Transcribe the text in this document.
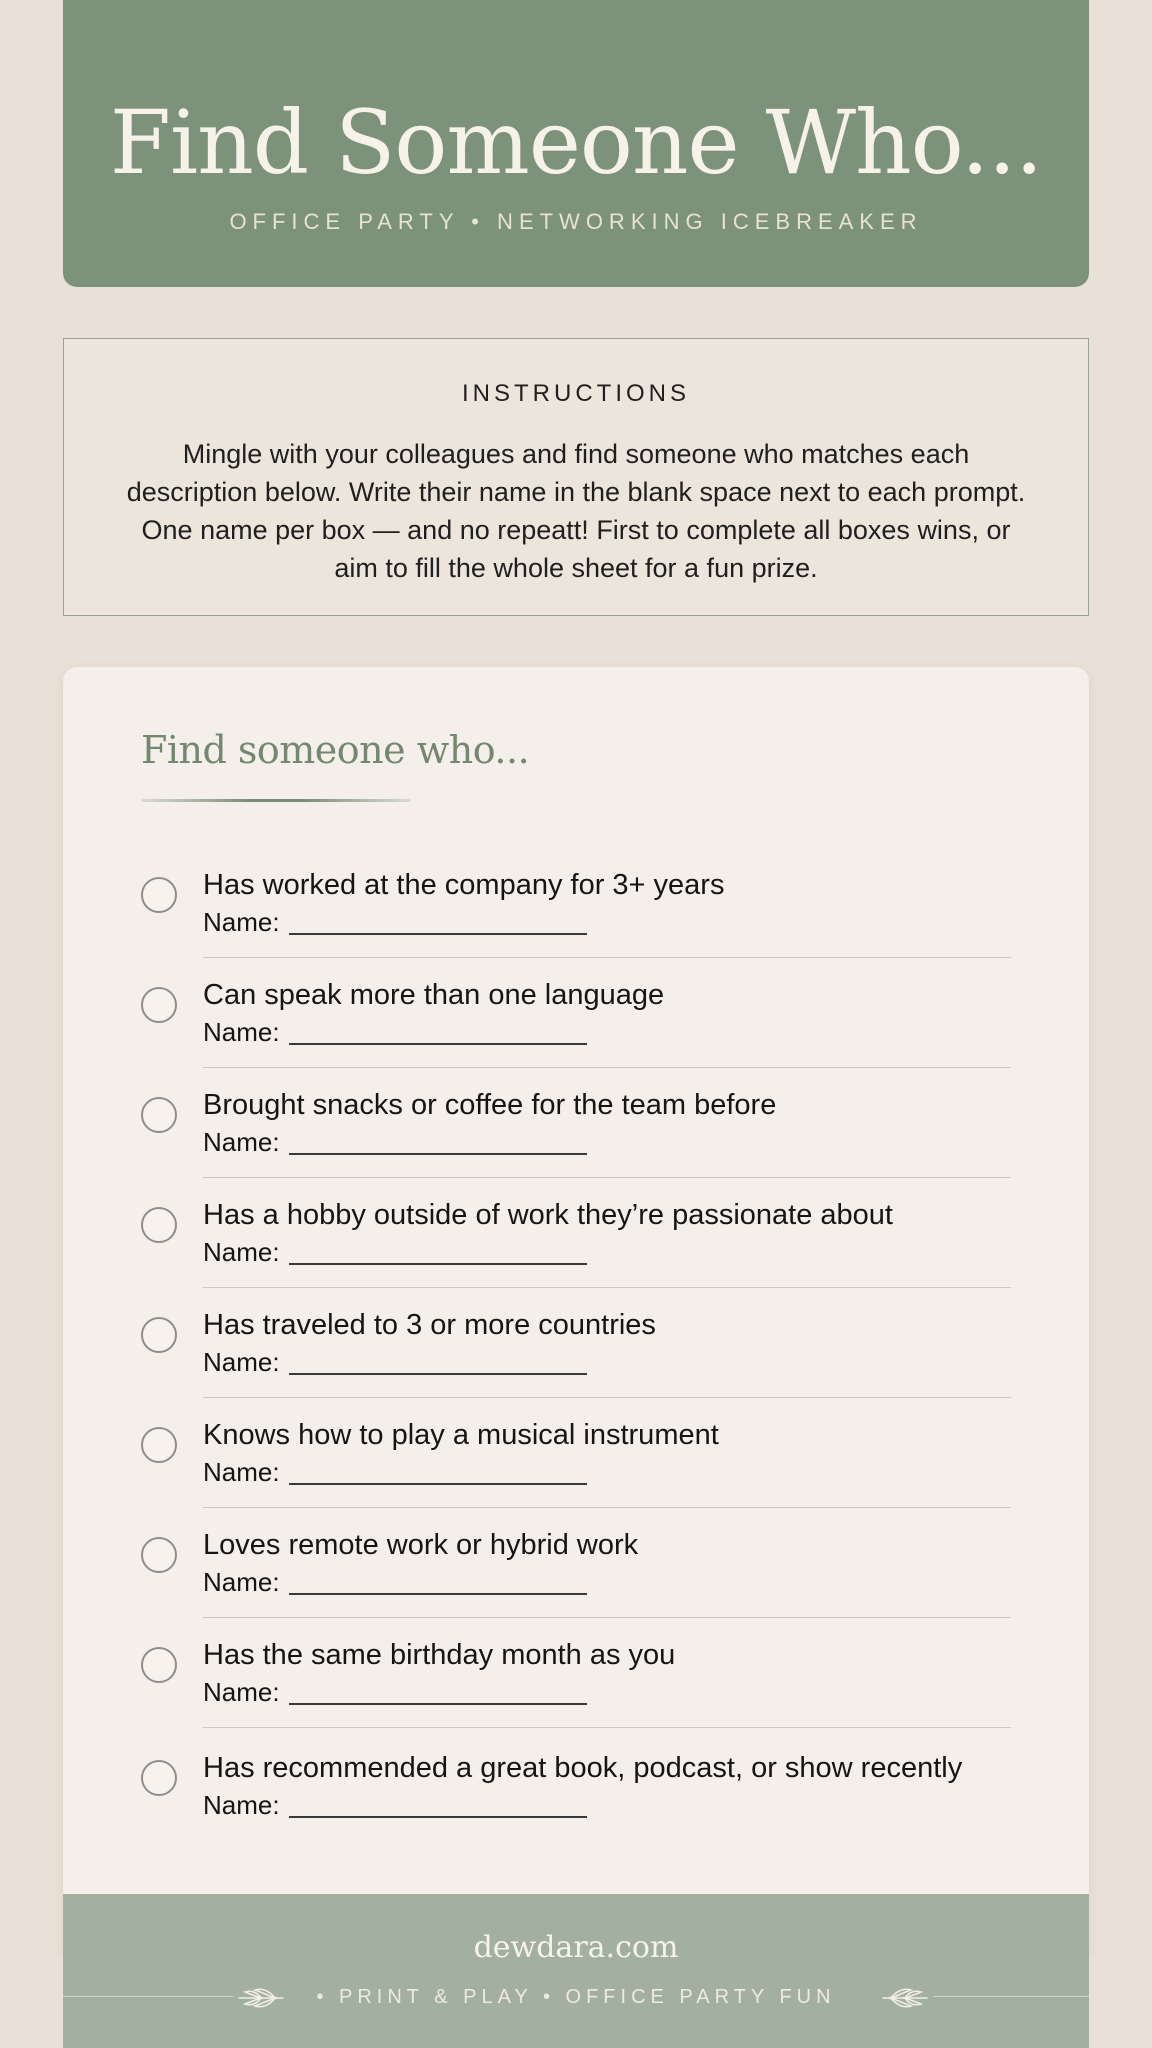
Find Someone Who...
OFFICE PARTY • NETWORKING ICEBREAKER
INSTRUCTIONS
Mingle with your colleagues and find someone who matches each description below. Write their name in the blank space next to each prompt. One name per box — and no repeatt! First to complete all boxes wins, or aim to fill the whole sheet for a fun prize.
Find someone who...
Has worked at the company for 3+ years
Name:
Can speak more than one language
Name:
Brought snacks or coffee for the team before
Name:
Has a hobby outside of work they’re passionate about
Name:
Has traveled to 3 or more countries
Name:
Knows how to play a musical instrument
Name:
Loves remote work or hybrid work
Name:
Has the same birthday month as you
Name:
Has recommended a great book, podcast, or show recently
Name:
dewdara.com
• PRINT & PLAY • OFFICE PARTY FUN
